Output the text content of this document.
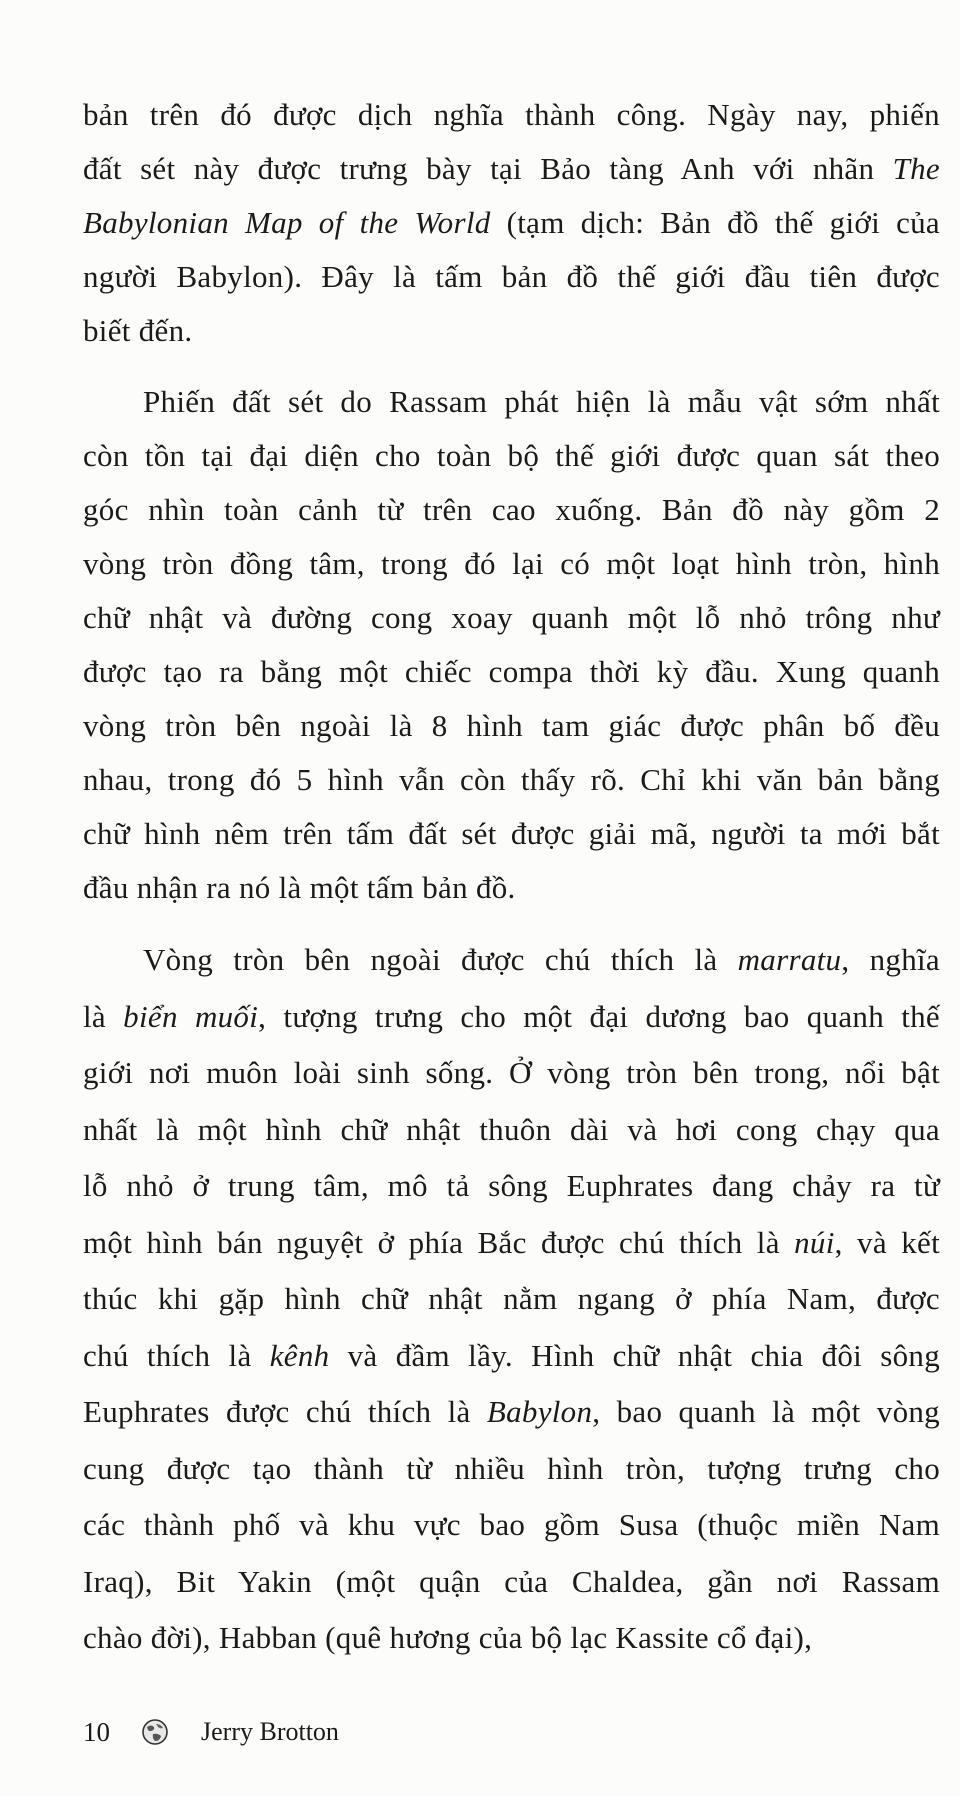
bản trên đó được dịch nghĩa thành công. Ngày nay, phiến
đất sét này được trưng bày tại Bảo tàng Anh với nhãn The
Babylonian Map of the World (tạm dịch: Bản đồ thế giới của
người Babylon). Đây là tấm bản đồ thế giới đầu tiên được
biết đến.
Phiến đất sét do Rassam phát hiện là mẫu vật sớm nhất
còn tồn tại đại diện cho toàn bộ thế giới được quan sát theo
góc nhìn toàn cảnh từ trên cao xuống. Bản đồ này gồm 2
vòng tròn đồng tâm, trong đó lại có một loạt hình tròn, hình
chữ nhật và đường cong xoay quanh một lỗ nhỏ trông như
được tạo ra bằng một chiếc compa thời kỳ đầu. Xung quanh
vòng tròn bên ngoài là 8 hình tam giác được phân bố đều
nhau, trong đó 5 hình vẫn còn thấy rõ. Chỉ khi văn bản bằng
chữ hình nêm trên tấm đất sét được giải mã, người ta mới bắt
đầu nhận ra nó là một tấm bản đồ.
Vòng tròn bên ngoài được chú thích là marratu, nghĩa
là biển muối, tượng trưng cho một đại dương bao quanh thế
giới nơi muôn loài sinh sống. Ở vòng tròn bên trong, nổi bật
nhất là một hình chữ nhật thuôn dài và hơi cong chạy qua
lỗ nhỏ ở trung tâm, mô tả sông Euphrates đang chảy ra từ
một hình bán nguyệt ở phía Bắc được chú thích là núi, và kết
thúc khi gặp hình chữ nhật nằm ngang ở phía Nam, được
chú thích là kênh và đầm lầy. Hình chữ nhật chia đôi sông
Euphrates được chú thích là Babylon, bao quanh là một vòng
cung được tạo thành từ nhiều hình tròn, tượng trưng cho
các thành phố và khu vực bao gồm Susa (thuộc miền Nam
Iraq), Bit Yakin (một quận của Chaldea, gần nơi Rassam
chào đời), Habban (quê hương của bộ lạc Kassite cổ đại),
10	Jerry Brotton
